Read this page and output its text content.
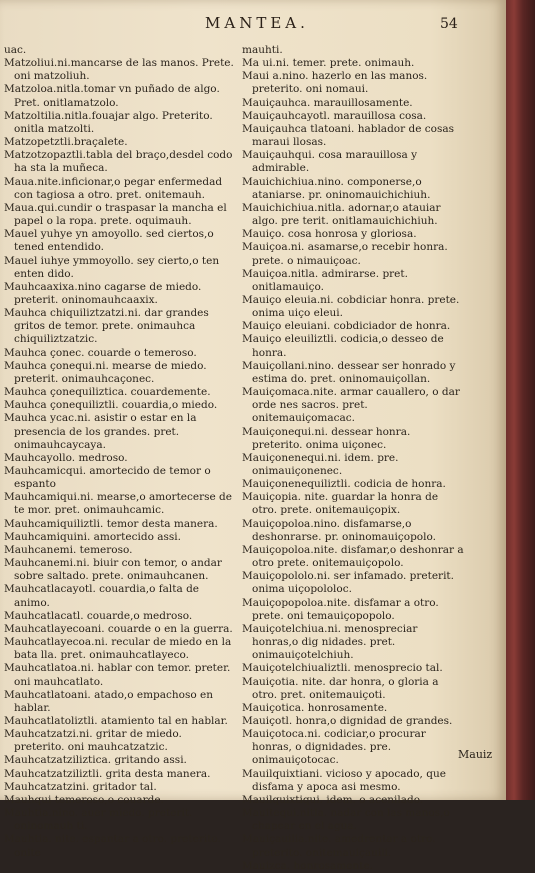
MANTEA.	54

uac.

Matzoliui.ni.mancarse de las manos. Prete. oni matzoliuh.

Matzoloa.nitla.tomar vn puñado de algo. Pret. onitlamatzolo.

Matzoltilia.nitla.fouajar algo. Preterito. onitla matzolti.

Matzopetztli.braçalete.

Matzotzopaztli.tabla del braço,desdel codo ha sta la muñeca.

Maua.nite.inficionar,o pegar enfermedad con tagiosa a otro. pret. onitemauh.

Maua.qui.cundir o traspasar la mancha el papel o la ropa. prete. oquimauh.

Mauel yuhye yn amoyollo. sed ciertos,o tened entendido.

Mauel iuhye ymmoyollo. sey cierto,o ten enten dido.

Mauhcaaxixa.nino cagarse de miedo. preterit. oninomauhcaaxix.

Mauhca chiquiliztzatzi.ni. dar grandes gritos de temor. prete. onimauhca chiquiliztzatzic.

Mauhca çonec. couarde o temeroso.

Mauhca çonequi.ni. mearse de miedo. preterit. onimauhcaçonec.

Mauhca çonequiliztica. couardemente.

Mauhca çonequiliztli. couardia,o miedo.

Mauhca ycac.ni. asistir o estar en la presencia de los grandes. pret. onimauhcaycaya.

Mauhcayollo. medroso.

Mauhcamicqui. amortecido de temor o espanto

Mauhcamiqui.ni. mearse,o amortecerse de te mor. pret. onimauhcamic.

Mauhcamiquiliztli. temor desta manera.

Mauhcamiquini. amortecido assi.

Mauhcanemi. temeroso.

Mauhcanemi.ni. biuir con temor, o andar sobre saltado. prete. onimauhcanen.

Mauhcatlacayotl. couardia,o falta de animo.

Mauhcatlacatl. couarde,o medroso.

Mauhcatlayecoani. couarde o en la guerra.

Mauhcatlayecoa.ni. recular de miedo en la bata lla. pret. onimauhcatlayeco.

Mauhcatlatoa.ni. hablar con temor. preter. oni mauhcatlato.

Mauhcatlatoani. atado,o empachoso en hablar.

Mauhcatlatoliztli. atamiento tal en hablar.

Mauhcatzatzi.ni. gritar de miedo. preterito. oni mauhcatzatzic.

Mauhcatzatziliztica. gritando assi.

Mauhcatzatziliztli. grita desta manera.

Mauhcatzatzini. gritador tal.

Mauhqui temeroso,o couarde.

Mauhtia.nino. auer miedo. preterit. oninomauh ti.

Mauhtia. nite. espantar a otro. preterito. onite

mauhti.

Ma ui.ni. temer. prete. onimauh.

Maui a.nino. hazerlo en las manos. preterito. oni nomaui.

Mauiçauhca. marauillosamente.

Mauiçauhcayotl. marauillosa cosa.

Mauiçauhca tlatoani. hablador de cosas maraui llosas.

Mauiçauhqui. cosa marauillosa y admirable.

Mauichichiua.nino. componerse,o ataniarse. pr. oninomauichichiuh.

Mauichichiua.nitla. adornar,o atauiar algo. pre terit. onitlamauichichiuh.

Mauiço. cosa honrosa y gloriosa.

Mauiçoa.ni. asamarse,o recebir honra. prete. o nimauiçoac.

Mauiçoa.nitla. admirarse. pret. onitlamauiço.

Mauiço eleuia.ni. cobdiciar honra. prete. onima uiço eleui.

Mauiço eleuiani. cobdiciador de honra.

Mauiço eleuiliztli. codicia,o desseo de honra.

Mauiçollani.nino. dessear ser honrado y estima do. pret. oninomauiçollan.

Mauiçomaca.nite. armar cauallero, o dar orde nes sacros. pret. onitemauiçomacac.

Mauiçonequi.ni. dessear honra. preterito. onima uiçonec.

Mauiçonenequi.ni. idem. pre. onimauiçonenec.

Mauiçonenequiliztli. codicia de honra.

Mauiçopia. nite. guardar la honra de otro. prete. onitemauiçopix.

Mauiçopoloa.nino. disfamarse,o deshonrarse. pr. oninomauiçopolo.

Mauiçopoloa.nite. disfamar,o deshonrar a otro prete. onitemauiçopolo.

Mauiçopololo.ni. ser infamado. preterit. onima uiçopololoc.

Mauiçopopoloa.nite. disfamar a otro. prete. oni temauiçopopolo.

Mauiçotelchiua.ni. menospreciar honras,o dig nidades. pret. onimauiçotelchiuh.

Mauiçotelchiualiztli. menosprecio tal.

Mauiçotia. nite. dar honra, o gloria a otro. pret. onitemauiçoti.

Mauiçotica. honrosamente.

Mauiçotl. honra,o dignidad de grandes.

Mauiçotoca.ni. codiciar,o procurar honras, o dignidades. pre. onimauiçotocac.

Mauilquixtiani. vicioso y apocado, que disfama y apoca asi mesmo.

Mauilquixtiqui. idem. o acenilado.

Mauitequi.nitla. nadar con las manos,o chapear en el agua.

Mauiçauilia.nite. amedrentar a otro. preterito. onitemauiçauili.

Mauizca. honrosamente.

Mauiz
